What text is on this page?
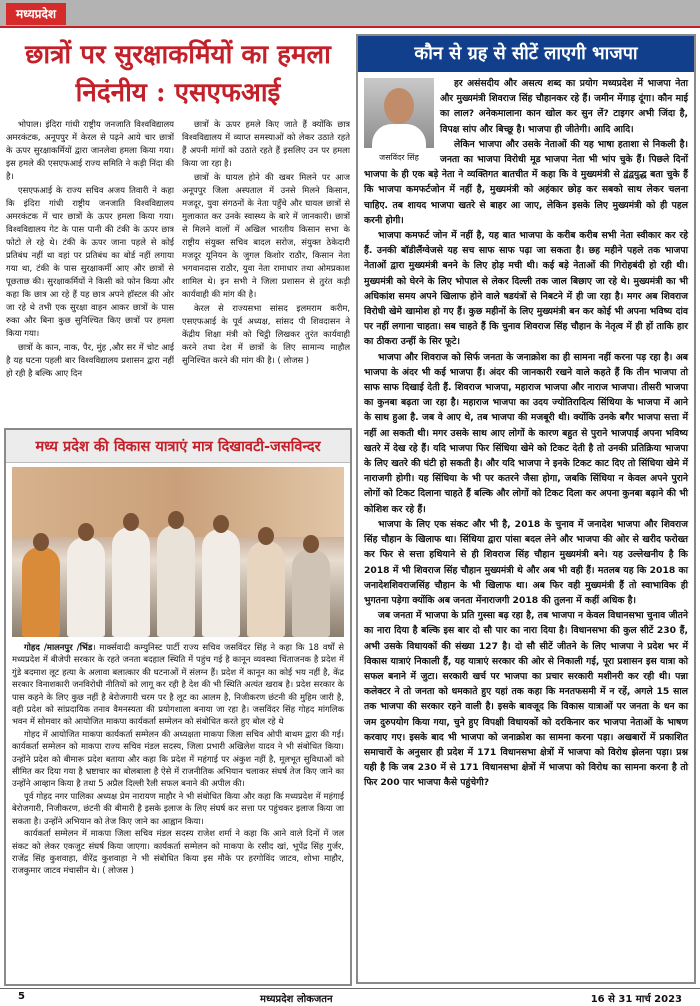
मध्यप्रदेश
छात्रों पर सुरक्षाकर्मियों का हमला निदंनीय : एसएफआई

भोपाल। इंदिरा गांधी राष्ट्रीय जनजाति विश्वविद्यालय अमरकंटक, अनूपपुर में केरल से पढ़ने आये चार छात्रों के ऊपर सुरक्षाकर्मियों द्वारा जानलेवा हमला किया गया। इस हमले की एसएफआई राज्य समिति ने कड़ी निंदा की है।

एसएफआई के राज्य सचिव अजय तिवारी ने कहा कि इंदिरा गांधी राष्ट्रीय जनजाति विश्वविद्यालय अमरकंटक में चार छात्रों के ऊपर हमला किया गया। विश्वविद्यालय गेट के पास पानी की टंकी के ऊपर छात्र फोटो ले रहे थे। टंकी के ऊपर जाना पहले से कोई प्रतिबंध नहीं था वहां पर प्रतिबंध का बोर्ड नहीं लगाया गया था, टंकी के पास सुरक्षाकर्मी आए और छात्रों से पूछताछ की। सुरक्षाकर्मियों ने किसी को फोन किया और कहा कि छात्र आ रहे हैं यह छात्र अपने हॉस्टल की ओर जा रहे थे तभी एक सुरक्षा वाहन आकर छात्रों के पास रुका और बिना कुछ सुनिश्चित किए छात्रों पर हमला किया गया।

छात्रों के कान, नाक, पैर, मुंह ,और सर में चोट आई है यह घटना पहली बार विश्वविद्यालय प्रशासन द्वारा नहीं हो रही है बल्कि आए दिन

छात्रों के ऊपर हमले किए जाते हैं क्योंकि छात्र विश्वविद्यालय में व्याप्त समस्याओं को लेकर उठाते रहते हैं अपनी मांगों को उठाते रहते हैं इसलिए उन पर हमला किया जा रहा है।

छात्रों के घायल होने की खबर मिलने पर आज अनूपपुर जिला अस्पताल में उनसे मिलने किसान, मजदूर, युवा संगठनों के नेता पहुँचे और घायल छात्रों से मुलाकात कर उनके स्वास्थ्य के बारे में जानकारी। छात्रों से मिलने वालों में अखिल भारतीय किसान सभा के राष्ट्रीय संयुक्त सचिव बादल सरोज, संयुक्त ठेकेदारी मजदूर यूनियन के जुगल किशोर राठौर, किसान नेता भगवानदास राठौर, युवा नेता रामाधार तथा ओमप्रकाश शामिल थे। इन सभी ने जिला प्रशासन से तुरंत कड़ी कार्यवाही की मांग की है।

केरल से राज्यसभा सांसद इलमराम करीम, एसएफआई के पूर्व अध्यक्ष, सांसद पी शिवदासन ने केंद्रीय शिक्षा मंत्री को चिट्ठी लिखकर तुरंत कार्यवाही करने तथा देश में छात्रों के लिए सामान्य माहौल सुनिश्चित करने की मांग की है। ( लोजस )

मध्य प्रदेश की विकास यात्राएं मात्र दिखावटी-जसविन्दर

गोहद /मालनपुर /भिंड। मार्क्सवादी कम्युनिस्ट पार्टी राज्य सचिव जसविंदर सिंह ने कहा कि 18 वर्षों से मध्यप्रदेश में बीजेपी सरकार के रहते जनता बदहाल स्थिति में पहुंच गई है कानून व्यवस्था चिंताजनक है प्रदेश में गुंडे बदमाश लूट हत्या के अलावा बलात्कार की घटनाओं में संलग्न हैं। प्रदेश में कानून का कोई भय नहीं है, केंद्र सरकार विनाशकारी जनविरोधी नीतियों को लागू कर रही है देश की भी स्थिति अत्यंत खराब है। प्रदेश सरकार के पास कहने के लिए कुछ नहीं है बेरोजगारी चरम पर है लूट का आलम है, निजीकरण छंटनी की मुहिम जारी है, वही प्रदेश को सांप्रदायिक तनाव वैमनस्यता की प्रयोगशाला बनाया जा रहा है। जसविंदर सिंह गोहद मांगलिक भवन में सोमवार को आयोजित माकपा कार्यकर्ता सम्मेलन को संबोधित करते हुए बोल रहे थे

गोहद में आयोजित माकपा कार्यकर्ता सम्मेलन की अध्यक्षता माकपा जिला सचिव ओपी बाथम द्वारा की गई। कार्यकर्ता सम्मेलन को माकपा राज्य सचिव मंडल सदस्य, जिला प्रभारी अखिलेश यादव ने भी संबोधित किया। उन्होंने प्रदेश को बीमारू प्रदेश बताया और कहा कि प्रदेश में महंगाई पर अंकुश नहीं है, मूलभूत सुविधाओं को सीमित कर दिया गया है भ्रष्टाचार का बोलबाला है ऐसे में राजनीतिक अभियान चलाकर संघर्ष तेज किए जाने का उन्होंने आव्हान किया है तथा 5 अप्रैल दिल्ली रैली सफल बनाने की अपील की।

पूर्व गोहद नगर पालिका अध्यक्ष प्रेम नारायण माहौर ने भी संबोधित किया और कहा कि मध्यप्रदेश में महंगाई बेरोजगारी, निजीकरण, छंटनी की बीमारी है इसके इलाज के लिए संघर्ष कर सत्ता पर पहुंचकर इलाज किया जा सकता है। उन्होंने अभियान को तेज किए जाने का आह्वान किया।

कार्यकर्ता सम्मेलन में माकपा जिला सचिव मंडल सदस्य राजेश शर्मा ने कहा कि आने वाले दिनों में जल संकट को लेकर एकजुट संघर्ष किया जाएगा। कार्यकर्ता सम्मेलन को माकपा के रसीद खां, भूपेंद्र सिंह गुर्जर, राजेंद्र सिंह कुशवाहा, वीरेंद्र कुशवाहा ने भी संबोधित किया इस मौके पर हरगोविंद जाटव, शोभा माहौर, राजकुमार जाटव मंचासीन थे। ( लोजस )

कौन से ग्रह से सीटें लाएगी भाजपा
जसविंदर सिंह

हर असंसदीय और असत्य शब्द का प्रयोग मध्यप्रदेश में भाजपा नेता और मुख्यमंत्री शिवराज सिंह चौहानकर रहे हैं। जमीन मेंगाड़ दूंगा। कौन माई का लाल? अनेकमालाना कान खोल कर सुन लें? टाइगर अभी जिंदा है, विपक्ष सांप और बिच्छू है। भाजपा ही जीतेगी। आदि आदि।

लेकिन भाजपा और उसके नेताओं की यह भाषा हताशा से निकली है। जनता का भाजपा विरोधी मूड भाजपा नेता भी भांप चुके हैं। पिछले दिनों भाजपा के ही एक बड़े नेता ने व्यक्तिगत बातचीत में कहा कि वे मुख्यमंत्री से द्वंद्वयुद्ध बता चुके हैं कि भाजपा कमफर्टजोन में नहीं है, मुख्यमंत्री को अहंकार छोड़ कर सबको साथ लेकर चलना चाहिए. तब शायद भाजपा खतरे से बाहर आ जाए, लेकिन इसके लिए मुख्यमंत्री को ही पहल करनी होगी।

भाजपा कमफर्ट जोन में नहीं है, यह बात भाजपा के करीब करीब सभी नेता स्वीकार कर रहे हैं. उनकी बॉडीलैंग्वेजसे यह सच साफ साफ पढ़ा जा सकता है। छह महीने पहले तक भाजपा नेताओं द्वारा मुख्यमंत्री बनने के लिए होड़ मची थी। कई बड़े नेताओं की गिरोहबंदी हो रही थी। मुख्यमंत्री को घेरने के लिए भोपाल से लेकर दिल्ली तक जाल बिछाए जा रहे थे। मुख्यमंत्री का भी अधिकांश समय अपने खिलाफ होने वाले षडयंत्रों से निबटने में ही जा रहा है। मगर अब शिवराज विरोधी खेमे खामोश हो गए हैं। कुछ महीनों के लिए मुख्यमंत्री बन कर कोई भी अपना भविष्य दांव पर नहीं लगाना चाहता। सब चाहते हैं कि चुनाव शिवराज सिंह चौहान के नेतृत्व में ही हों ताकि हार का ठीकरा उन्हीं के सिर फूटे।

भाजपा और शिवराज को सिर्फ जनता के जनाक्रोश का ही सामना नहीं करना पड़ रहा है। अब भाजपा के अंदर भी कई भाजपा हैं। अंदर की जानकारी रखने वाले कहते हैं कि तीन भाजपा तो साफ साफ दिखाई देती हैं. शिवराज भाजपा, महाराज भाजपा और नाराज भाजपा। तीसरी भाजपा का कुनबा बढ़ता जा रहा है। महाराज भाजपा का उदय ज्योतिरादित्य सिंधिया के भाजपा में आने के साथ हुआ है. जब वे आए थे, तब भाजपा की मजबूरी थी। क्योंकि उनके बगैर भाजपा सत्ता में नहीं आ सकती थी। मगर उसके साथ आए लोगों के कारण बहुत से पुराने भाजपाई अपना भविष्य खतरे में देख रहे हैं। यदि भाजपा फिर सिंधिया खेमे को टिकट देती है तो उनकी प्रतिक्रिया भाजपा के लिए खतरे की घंटी हो सकती है। और यदि भाजपा ने इनके टिकट काट दिए तो सिंधिया खेमे में नाराजगी होगी। यह सिंधिया के भी पर कतरने जैसा होगा, जबकि सिंधिया न केवल अपने पुराने लोगों को टिकट दिलाना चाहते हैं बल्कि और लोगों को टिकट दिला कर अपना कुनबा बढ़ाने की भी कोशिश कर रहे हैं।

भाजपा के लिए एक संकट और भी है, 2018 के चुनाव में जनादेश भाजपा और शिवराज सिंह चौहान के खिलाफ था। सिंधिया द्वारा पांसा बदल लेने और भाजपा की ओर से खरीद फरोख्त कर फिर से सत्ता हथियाने से ही शिवराज सिंह चौहान मुख्यमंत्री बने। यह उल्लेखनीय है कि 2018 में भी शिवराज सिंह चौहान मुख्यमंत्री थे और अब भी वही हैं। मतलब यह कि 2018 का जनादेशशिवराजसिंह चौहान के भी खिलाफ था। अब फिर वही मुख्यमंत्री हैं तो स्वाभाविक ही भुगतना पड़ेगा क्योंकि अब जनता मेंनाराजगी 2018 की तुलना में कहीं अधिक है।

जब जनता में भाजपा के प्रति गुस्सा बढ़ रहा है, तब भाजपा न केवल विधानसभा चुनाव जीतने का नारा दिया है बल्कि इस बार दो सौ पार का नारा दिया है। विधानसभा की कुल सीटें 230 हैं, अभी उसके विधायकों की संख्या 127 है। दो सौ सीटें जीतने के लिए भाजपा ने प्रदेश भर में विकास यात्राएं निकाली हैं, यह यात्राएं सरकार की ओर से निकाली गई, पूरा प्रशासन इस यात्रा को सफल बनाने में जुटा। सरकारी खर्च पर भाजपा का प्रचार सरकारी मशीनरी कर रही थी। पन्ना कलेक्टर ने तो जनता को धमकाते हुए यहां तक कहा कि मनतफसमी में न रहें, अगले 15 साल तक भाजपा की सरकार रहने वाली है। इसके बावजूद कि विकास यात्राओं पर जनता के धन का जम दुरुपयोग किया गया, चुने हुए विपक्षी विधायकों को दरकिनार कर भाजपा नेताओं के भाषण करवाए गए। इसके बाद भी भाजपा को जनाक्रोश का सामना करना पड़ा। अखबारों में प्रकाशित समाचारों के अनुसार ही प्रदेश में 171 विधानसभा क्षेत्रों में भाजपा को विरोध झेलना पड़ा। प्रश्न यही है कि जब 230 में से 171 विधानसभा क्षेत्रों में भाजपा को विरोध का सामना करना है तो फिर 200 पार भाजपा कैसे पहुंचेगी?

5	मध्यप्रदेश लोकजतन	16 से 31 मार्च 2023
